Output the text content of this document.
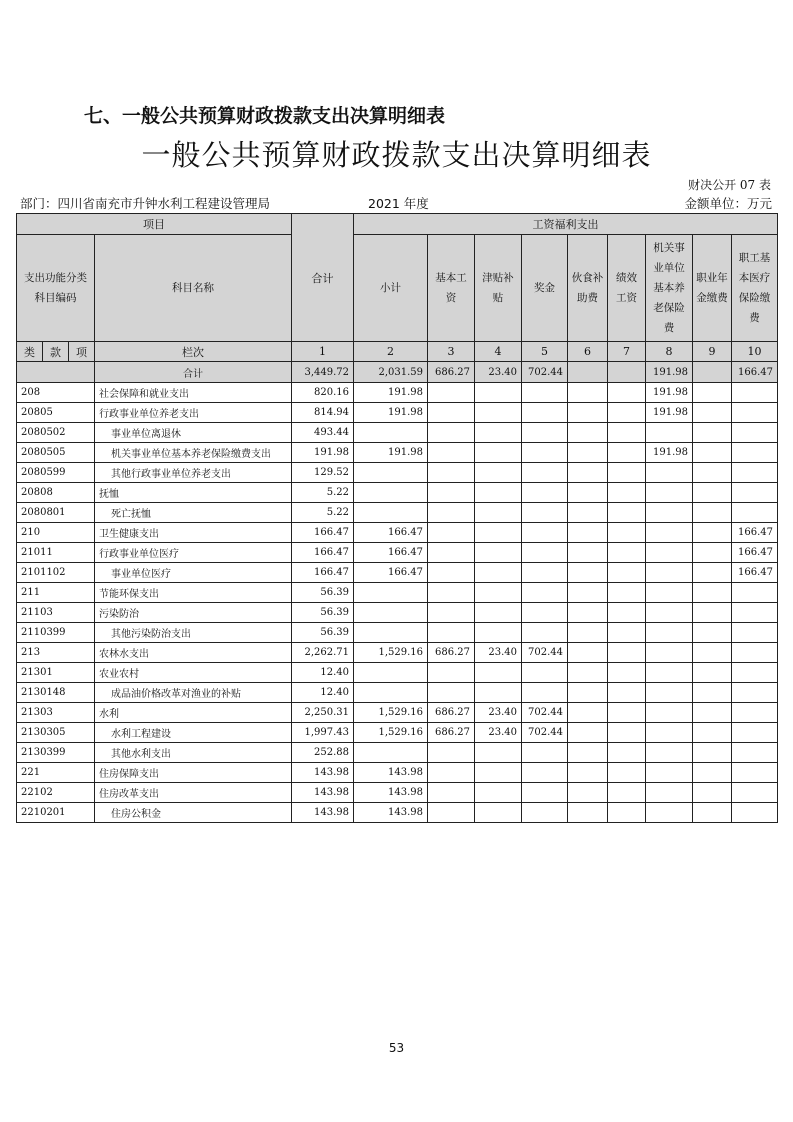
七、一般公共预算财政拨款支出决算明细表
一般公共预算财政拨款支出决算明细表
财决公开 07 表
部门：四川省南充市升钟水利工程建设管理局	2021 年度	金额单位：万元
项目				合计	工资福利支出								
支出功能分类科目编码			科目名称		小计	基本工资	津贴补贴	奖金	伙食补助费	绩效工资	机关事业单位基本养老保险费	职业年金缴费	职工基本医疗保险缴费
类	款	项	栏次	1	2	3	4	5	6	7	8	9	10
			合计	3,449.72	2,031.59	686.27	23.40	702.44			191.98		166.47
208			社会保障和就业支出	820.16	191.98						191.98		
20805			行政事业单位养老支出	814.94	191.98						191.98		
2080502			事业单位离退休	493.44									
2080505			机关事业单位基本养老保险缴费支出	191.98	191.98						191.98		
2080599			其他行政事业单位养老支出	129.52									
20808			抚恤	5.22									
2080801			死亡抚恤	5.22									
210			卫生健康支出	166.47	166.47								166.47
21011			行政事业单位医疗	166.47	166.47								166.47
2101102			事业单位医疗	166.47	166.47								166.47
211			节能环保支出	56.39									
21103			污染防治	56.39									
2110399			其他污染防治支出	56.39									
213			农林水支出	2,262.71	1,529.16	686.27	23.40	702.44					
21301			农业农村	12.40									
2130148			成品油价格改革对渔业的补贴	12.40									
21303			水利	2,250.31	1,529.16	686.27	23.40	702.44					
2130305			水利工程建设	1,997.43	1,529.16	686.27	23.40	702.44					
2130399			其他水利支出	252.88									
221			住房保障支出	143.98	143.98								
22102			住房改革支出	143.98	143.98								
2210201			住房公积金	143.98	143.98								
53
